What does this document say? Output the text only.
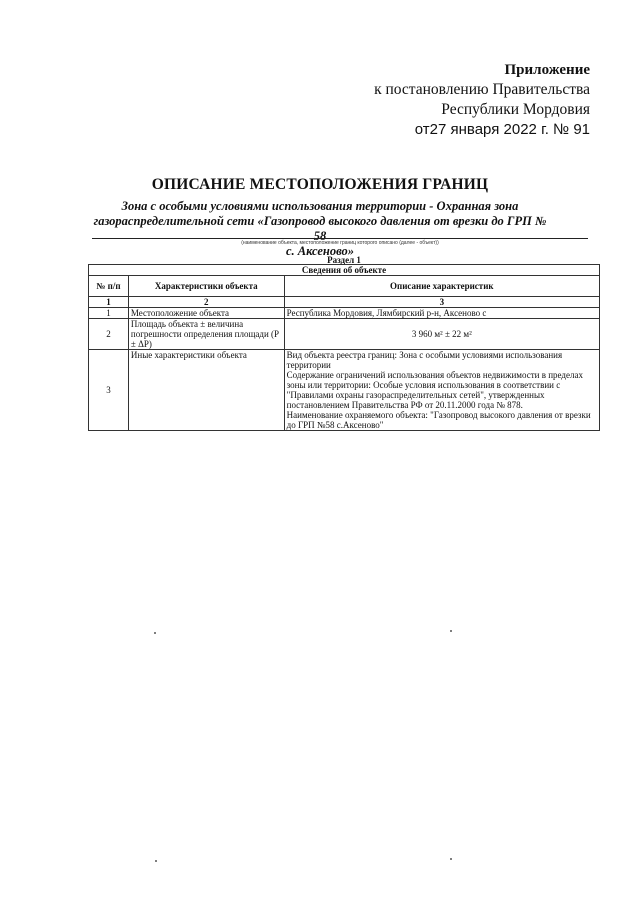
Приложение
к постановлению Правительства
Республики Мордовия
от27 января 2022 г. № 91
ОПИСАНИЕ МЕСТОПОЛОЖЕНИЯ ГРАНИЦ
Зона с особыми условиями использования территории - Охранная зона
газораспределительной сети «Газопровод высокого давления от врезки до ГРП № 58
с. Аксеново»
(наименование объекта, местоположение границ которого описано (далее - объект))
Раздел 1
Сведения об объекте		
№ п/п	Характеристики объекта	Описание характеристик
1	2	3
1	Местоположение объекта	Республика Мордовия, Лямбирский р-н, Аксеново с
2	Площадь объекта ± величина погрешности определения площади (Р ± ΔР)	3 960 м² ± 22 м²
3	Иные характеристики объекта	Вид объекта реестра границ: Зона с особыми условиями использования территории
Содержание ограничений использования объектов недвижимости в пределах зоны или территории: Особые условия использования в соответствии с "Правилами охраны газораспределительных сетей", утвержденных постановлением Правительства РФ от 20.11.2000 года № 878.
Наименование охраняемого объекта: "Газопровод высокого давления от врезки до ГРП №58 с.Аксеново"
